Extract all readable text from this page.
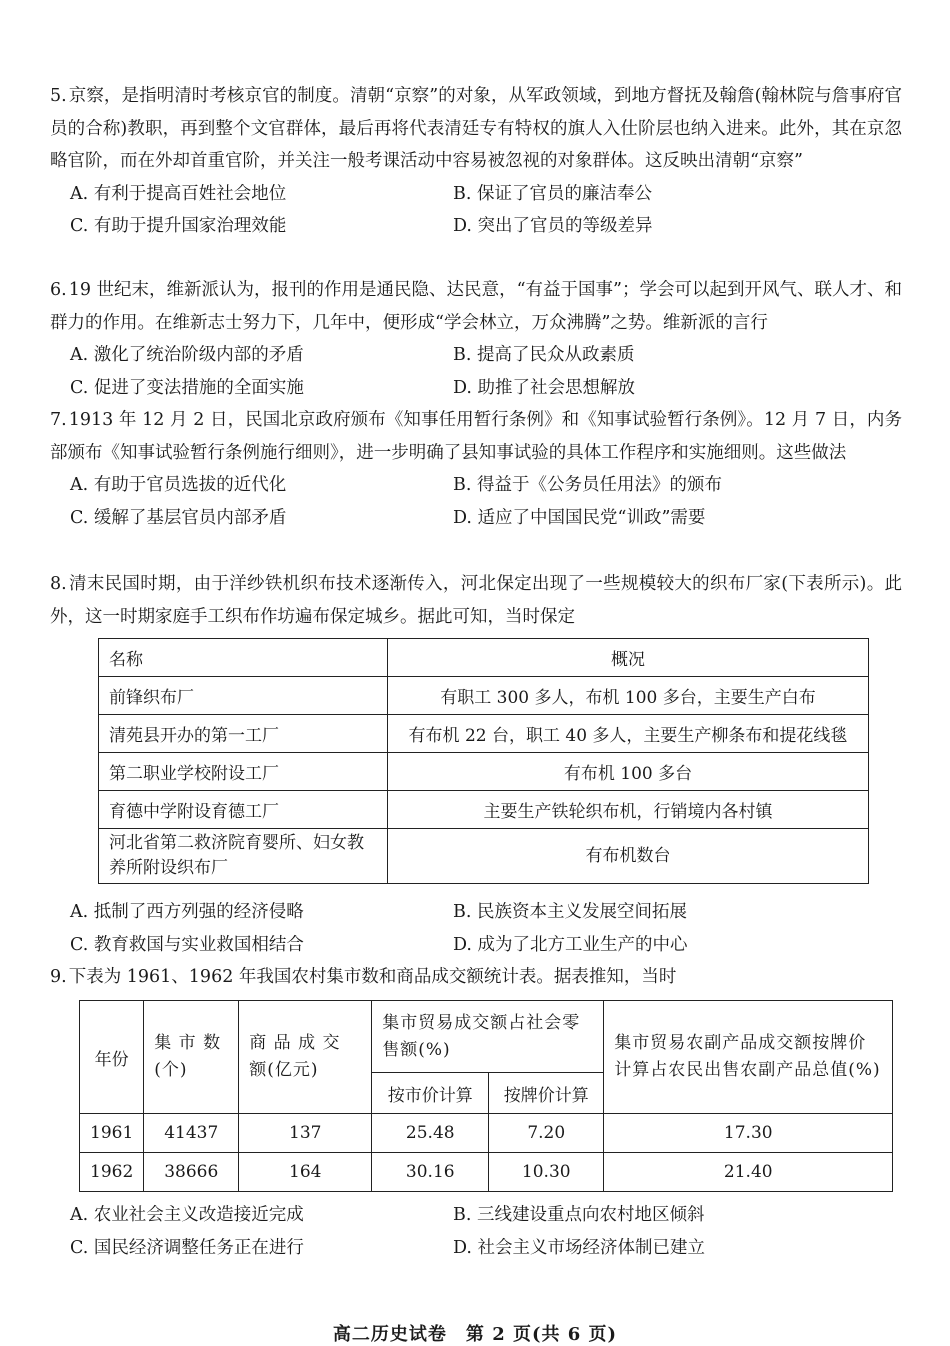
5. 京察，是指明清时考核京官的制度。清朝“京察”的对象，从军政领域，到地方督抚及翰詹(翰林院与詹事府官员的合称)教职，再到整个文官群体，最后再将代表清廷专有特权的旗人入仕阶层也纳入进来。此外，其在京忽略官阶，而在外却首重官阶，并关注一般考课活动中容易被忽视的对象群体。这反映出清朝“京察”
A. 有利于提高百姓社会地位	B. 保证了官员的廉洁奉公
C. 有助于提升国家治理效能	D. 突出了官员的等级差异
6. 19 世纪末，维新派认为，报刊的作用是通民隐、达民意，“有益于国事”；学会可以起到开风气、联人才、和群力的作用。在维新志士努力下，几年中，便形成“学会林立，万众沸腾”之势。维新派的言行
A. 激化了统治阶级内部的矛盾	B. 提高了民众从政素质
C. 促进了变法措施的全面实施	D. 助推了社会思想解放
7. 1913 年 12 月 2 日，民国北京政府颁布《知事任用暂行条例》和《知事试验暂行条例》。12 月 7 日，内务部颁布《知事试验暂行条例施行细则》，进一步明确了县知事试验的具体工作程序和实施细则。这些做法
A. 有助于官员选拔的近代化	B. 得益于《公务员任用法》的颁布
C. 缓解了基层官员内部矛盾	D. 适应了中国国民党“训政”需要
8. 清末民国时期，由于洋纱铁机织布技术逐渐传入，河北保定出现了一些规模较大的织布厂家(下表所示)。此外，这一时期家庭手工织布作坊遍布保定城乡。据此可知，当时保定
名称	概况
前锋织布厂	有职工 300 多人，布机 100 多台，主要生产白布
清苑县开办的第一工厂	有布机 22 台，职工 40 多人，主要生产柳条布和提花线毯
第二职业学校附设工厂	有布机 100 多台
育德中学附设育德工厂	主要生产铁轮织布机，行销境内各村镇
河北省第二救济院育婴所、妇女教养所附设织布厂	有布机数台
A. 抵制了西方列强的经济侵略	B. 民族资本主义发展空间拓展
C. 教育救国与实业救国相结合	D. 成为了北方工业生产的中心
9. 下表为 1961、1962 年我国农村集市数和商品成交额统计表。据表推知，当时
年份	集 市 数(个)	商 品 成 交 额(亿元)	集市贸易成交额占社会零售额(%)		集市贸易农副产品成交额按牌价计算占农民出售农副产品总值(%)
			按市价计算	按牌价计算	
1961	41437	137	25.48	7.20	17.30
1962	38666	164	30.16	10.30	21.40
A. 农业社会主义改造接近完成	B. 三线建设重点向农村地区倾斜
C. 国民经济调整任务正在进行	D. 社会主义市场经济体制已建立
高二历史试卷　第 2 页(共 6 页)
